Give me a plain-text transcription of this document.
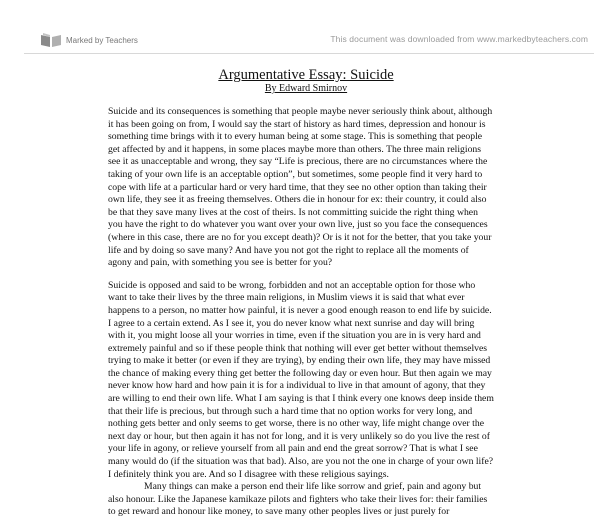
Marked by Teachers	This document was downloaded from www.markedbyteachers.com
Argumentative Essay: Suicide
By Edward Smirnov

Suicide and its consequences is something that people maybe never seriously think about, although it has been going on from, I would say the start of history as hard times, depression and honour is something time brings with it to every human being at some stage. This is something that people get affected by and it happens, in some places maybe more than others. The three main religions see it as unacceptable and wrong, they say “Life is precious, there are no circumstances where the taking of your own life is an acceptable option”, but sometimes, some people find it very hard to cope with life at a particular hard or very hard time, that they see no other option than taking their own life, they see it as freeing themselves. Others die in honour for ex: their country, it could also be that they save many lives at the cost of theirs. Is not committing suicide the right thing when you have the right to do whatever you want over your own live, just so you face the consequences (where in this case, there are no for you except death)? Or is it not for the better, that you take your life and by doing so save many? And have you not got the right to replace all the moments of agony and pain, with something you see is better for you?

Suicide is opposed and said to be wrong, forbidden and not an acceptable option for those who want to take their lives by the three main religions, in Muslim views it is said that what ever happens to a person, no matter how painful, it is never a good enough reason to end life by suicide. I agree to a certain extend. As I see it, you do never know what next sunrise and day will bring with it, you might loose all your worries in time, even if the situation you are in is very hard and extremely painful and so if these people think that nothing will ever get better without themselves trying to make it better (or even if they are trying), by ending their own life, they may have missed the chance of making every thing get better the following day or even hour. But then again we may never know how hard and how pain it is for a individual to live in that amount of agony, that they are willing to end their own life. What I am saying is that I think every one knows deep inside them that their life is precious, but through such a hard time that no option works for very long, and nothing gets better and only seems to get worse, there is no other way, life might change over the next day or hour, but then again it has not for long, and it is very unlikely so do you live the rest of your life in agony, or relieve yourself from all pain and end the great sorrow? That is what I see many would do (if the situation was that bad). Also, are you not the one in charge of your own life? I definitely think you are. And so I disagree with these religious sayings.

Many things can make a person end their life like sorrow and grief, pain and agony but also honour. Like the Japanese kamikaze pilots and fighters who take their lives for: their families to get reward and honour like money, to save many other peoples lives or just purely for
